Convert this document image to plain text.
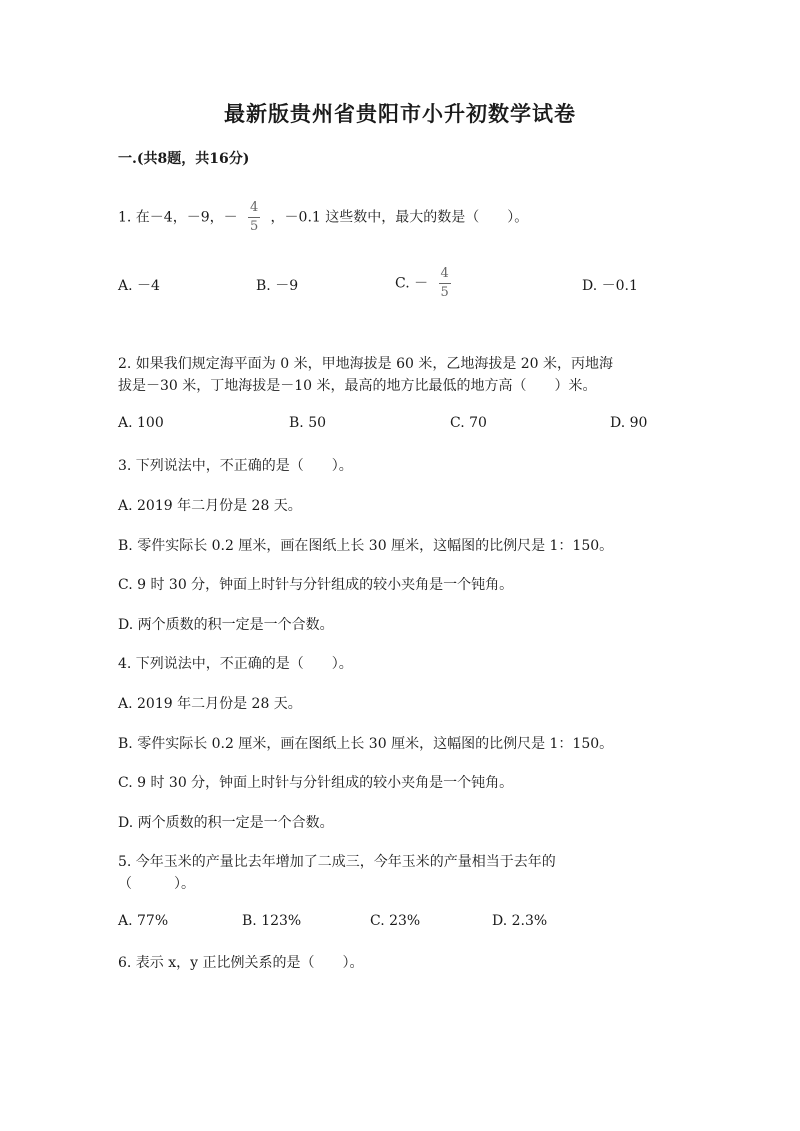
最新版贵州省贵阳市小升初数学试卷
一.(共8题，共16分)
1. 在－4，－9，－ $\frac{4}{5}$ ，－0.1 这些数中，最大的数是（　　）。
A. －4	B. －9	C. － $\frac{4}{5}$	D. －0.1
2. 如果我们规定海平面为 0 米，甲地海拔是 60 米，乙地海拔是 20 米，丙地海
拔是－30 米，丁地海拔是－10 米，最高的地方比最低的地方高（　　）米。
A. 100	B. 50	C. 70	D. 90
3. 下列说法中，不正确的是（　　）。
A. 2019 年二月份是 28 天。
B. 零件实际长 0.2 厘米，画在图纸上长 30 厘米，这幅图的比例尺是 1：150。
C. 9 时 30 分，钟面上时针与分针组成的较小夹角是一个钝角。
D. 两个质数的积一定是一个合数。
4. 下列说法中，不正确的是（　　）。
A. 2019 年二月份是 28 天。
B. 零件实际长 0.2 厘米，画在图纸上长 30 厘米，这幅图的比例尺是 1：150。
C. 9 时 30 分，钟面上时针与分针组成的较小夹角是一个钝角。
D. 两个质数的积一定是一个合数。
5. 今年玉米的产量比去年增加了二成三，今年玉米的产量相当于去年的
（　　　）。
A. 77%	B. 123%	C. 23%	D. 2.3%
6. 表示 x，y 正比例关系的是（　　）。
